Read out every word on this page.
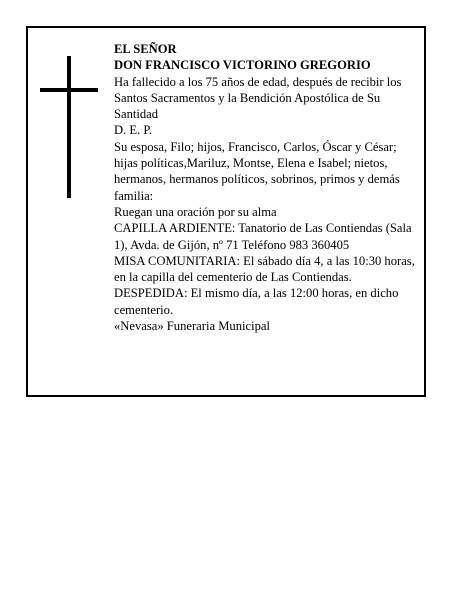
EL SEÑOR

DON FRANCISCO VICTORINO GREGORIO

Ha fallecido a los 75 años de edad, después de recibir los Santos Sacramentos y la Bendición Apostólica de Su Santidad

D. E. P.

Su esposa, Filo; hijos, Francisco, Carlos, Óscar y César; hijas políticas,Mariluz, Montse, Elena e Isabel; nietos, hermanos, hermanos políticos, sobrinos, primos y demás familia:

Ruegan una oración por su alma

CAPILLA ARDIENTE: Tanatorio de Las Contiendas (Sala 1), Avda. de Gijón, nº 71 Teléfono 983 360405

MISA COMUNITARIA: El sábado día 4, a las 10:30 horas, en la capilla del cementerio de Las Contiendas.

DESPEDIDA: El mismo día, a las 12:00 horas, en dicho cementerio.

«Nevasa» Funeraria Municipal
